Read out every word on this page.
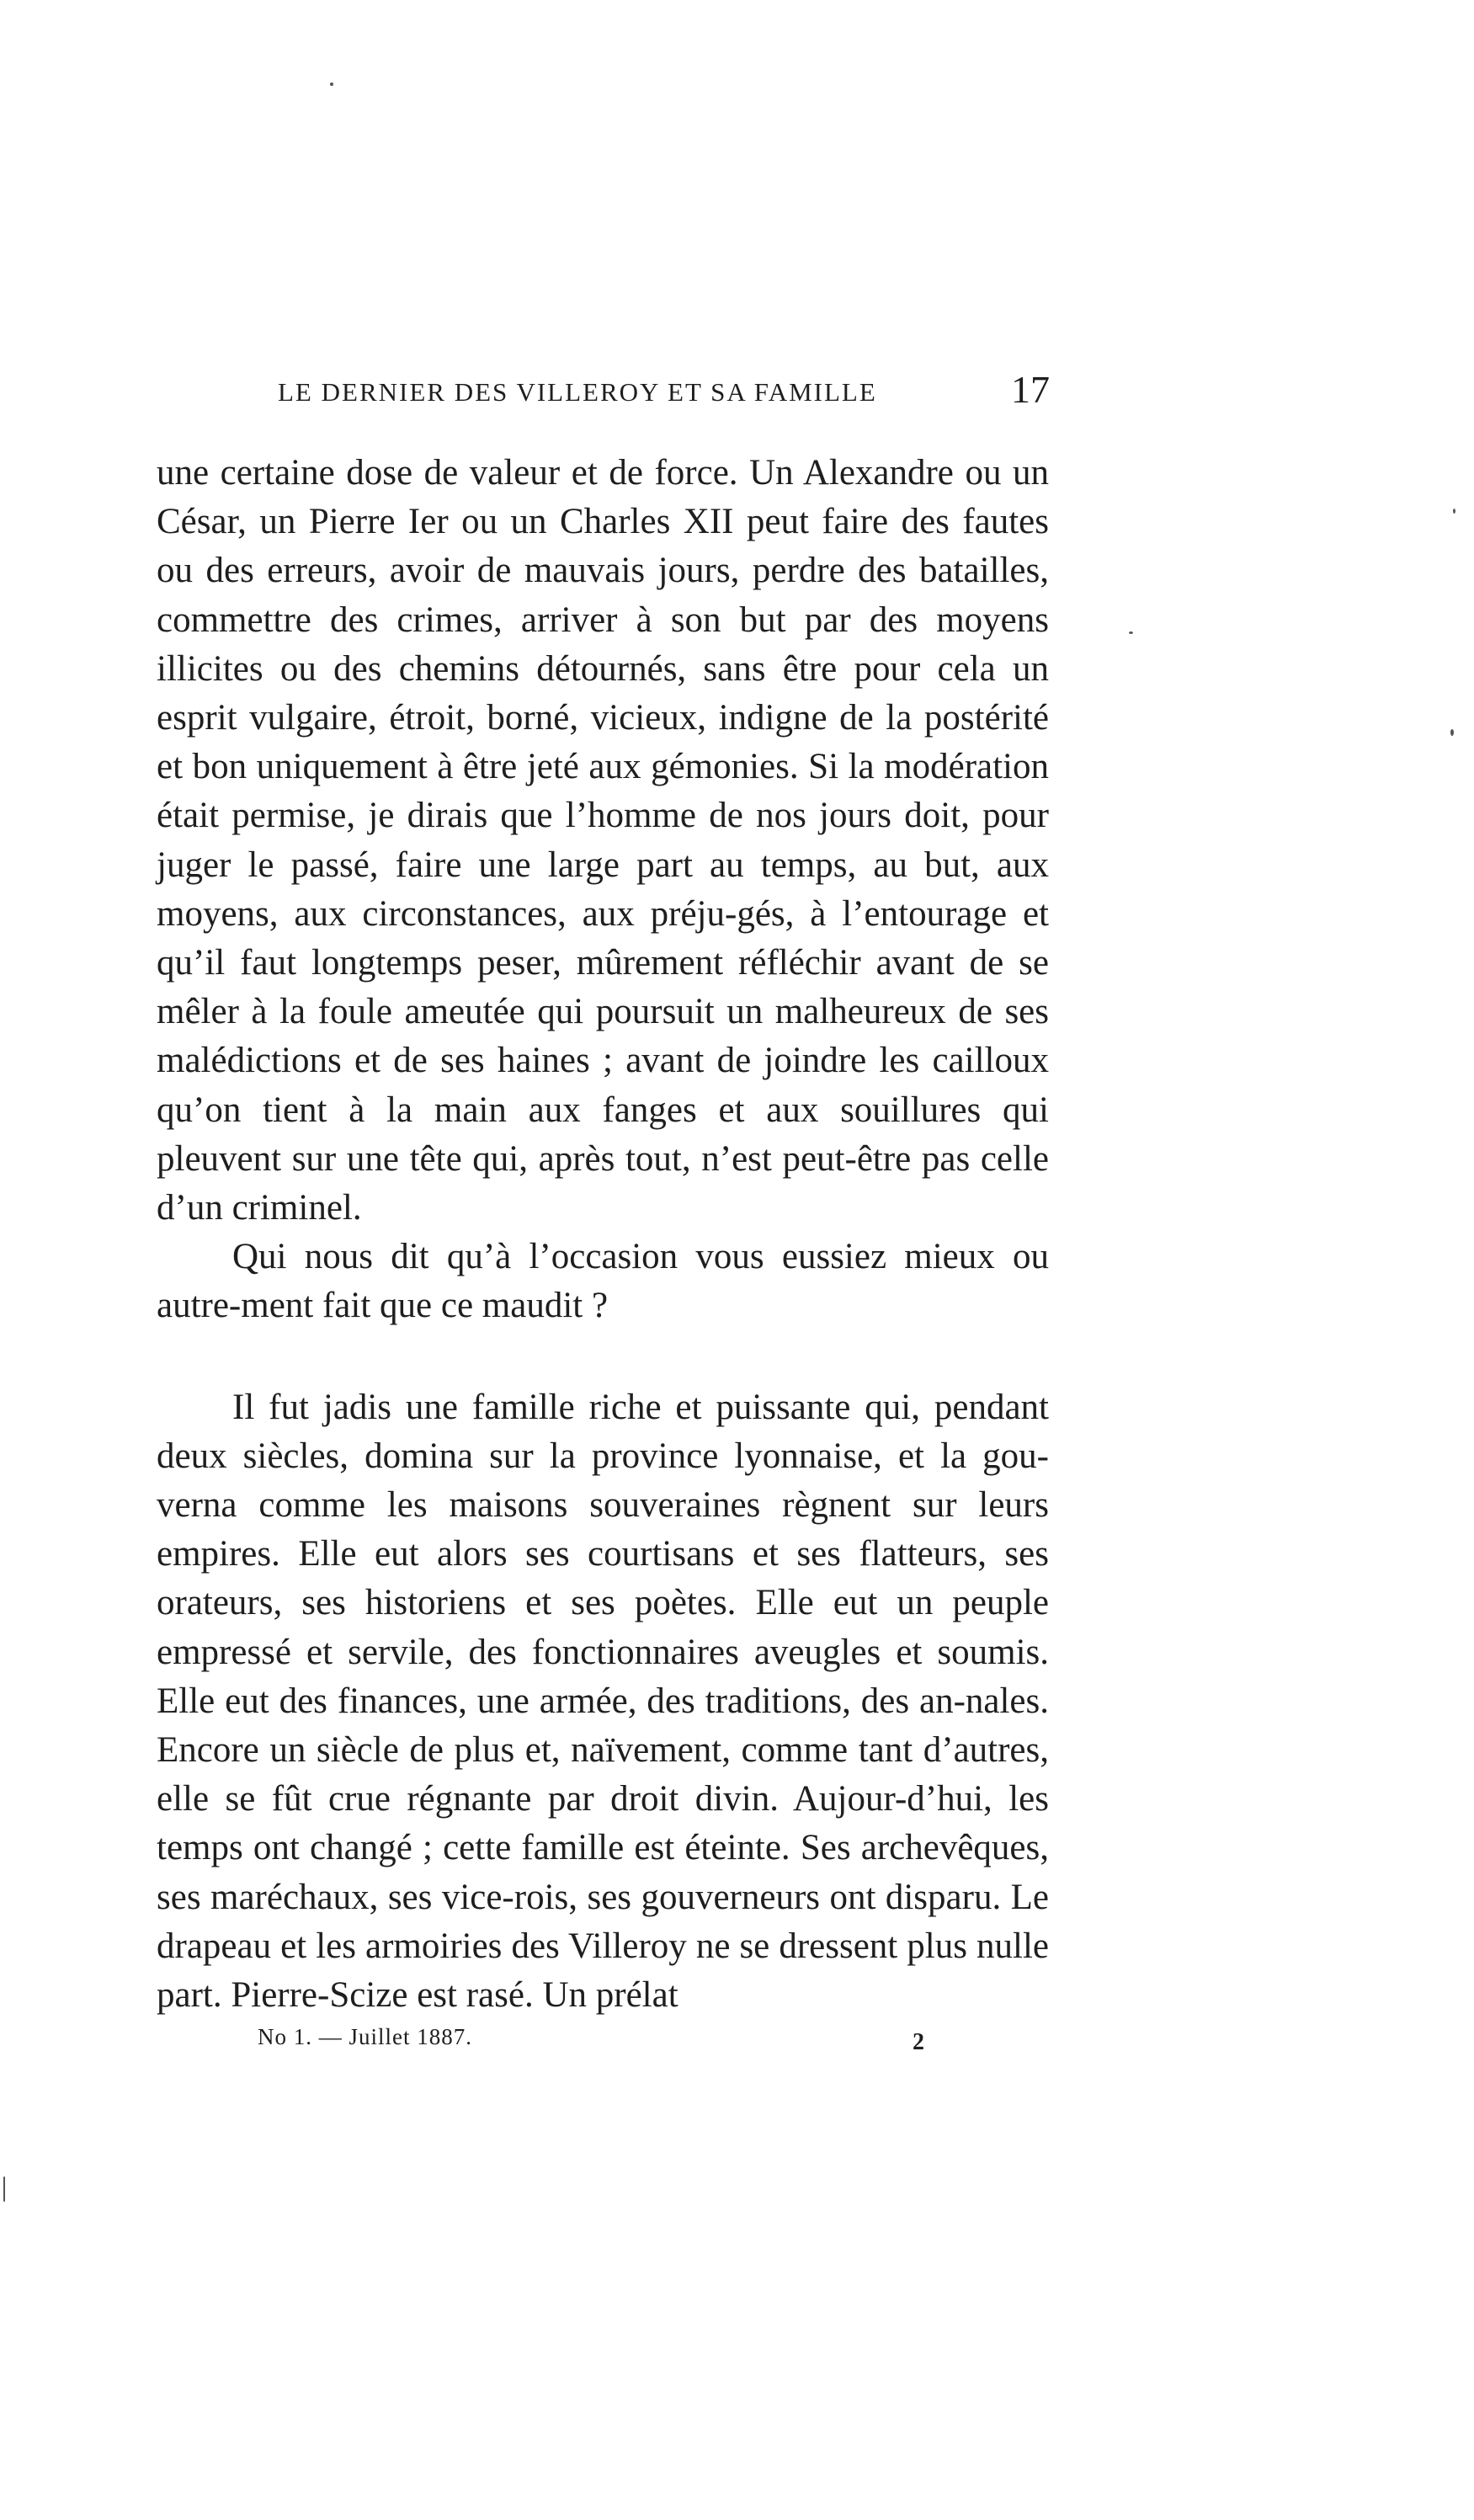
LE DERNIER DES VILLEROY ET SA FAMILLE	17

une certaine dose de valeur et de force. Un Alexandre ou un César, un Pierre Ier ou un Charles XII peut faire des fautes ou des erreurs, avoir de mauvais jours, perdre des batailles, commettre des crimes, arriver à son but par des moyens illicites ou des chemins détournés, sans être pour cela un esprit vulgaire, étroit, borné, vicieux, indigne de la postérité et bon uniquement à être jeté aux gémonies. Si la modération était permise, je dirais que l’homme de nos jours doit, pour juger le passé, faire une large part au temps, au but, aux moyens, aux circonstances, aux préju-gés, à l’entourage et qu’il faut longtemps peser, mûrement réfléchir avant de se mêler à la foule ameutée qui poursuit un malheureux de ses malédictions et de ses haines ; avant de joindre les cailloux qu’on tient à la main aux fanges et aux souillures qui pleuvent sur une tête qui, après tout, n’est peut-être pas celle d’un criminel.

Qui nous dit qu’à l’occasion vous eussiez mieux ou autre-ment fait que ce maudit ?

Il fut jadis une famille riche et puissante qui, pendant deux siècles, domina sur la province lyonnaise, et la gou-verna comme les maisons souveraines règnent sur leurs empires. Elle eut alors ses courtisans et ses flatteurs, ses orateurs, ses historiens et ses poètes. Elle eut un peuple empressé et servile, des fonctionnaires aveugles et soumis. Elle eut des finances, une armée, des traditions, des an-nales. Encore un siècle de plus et, naïvement, comme tant d’autres, elle se fût crue régnante par droit divin. Aujour-d’hui, les temps ont changé ; cette famille est éteinte. Ses archevêques, ses maréchaux, ses vice-rois, ses gouverneurs ont disparu. Le drapeau et les armoiries des Villeroy ne se dressent plus nulle part. Pierre-Scize est rasé. Un prélat

No 1. — Juillet 1887.	2
